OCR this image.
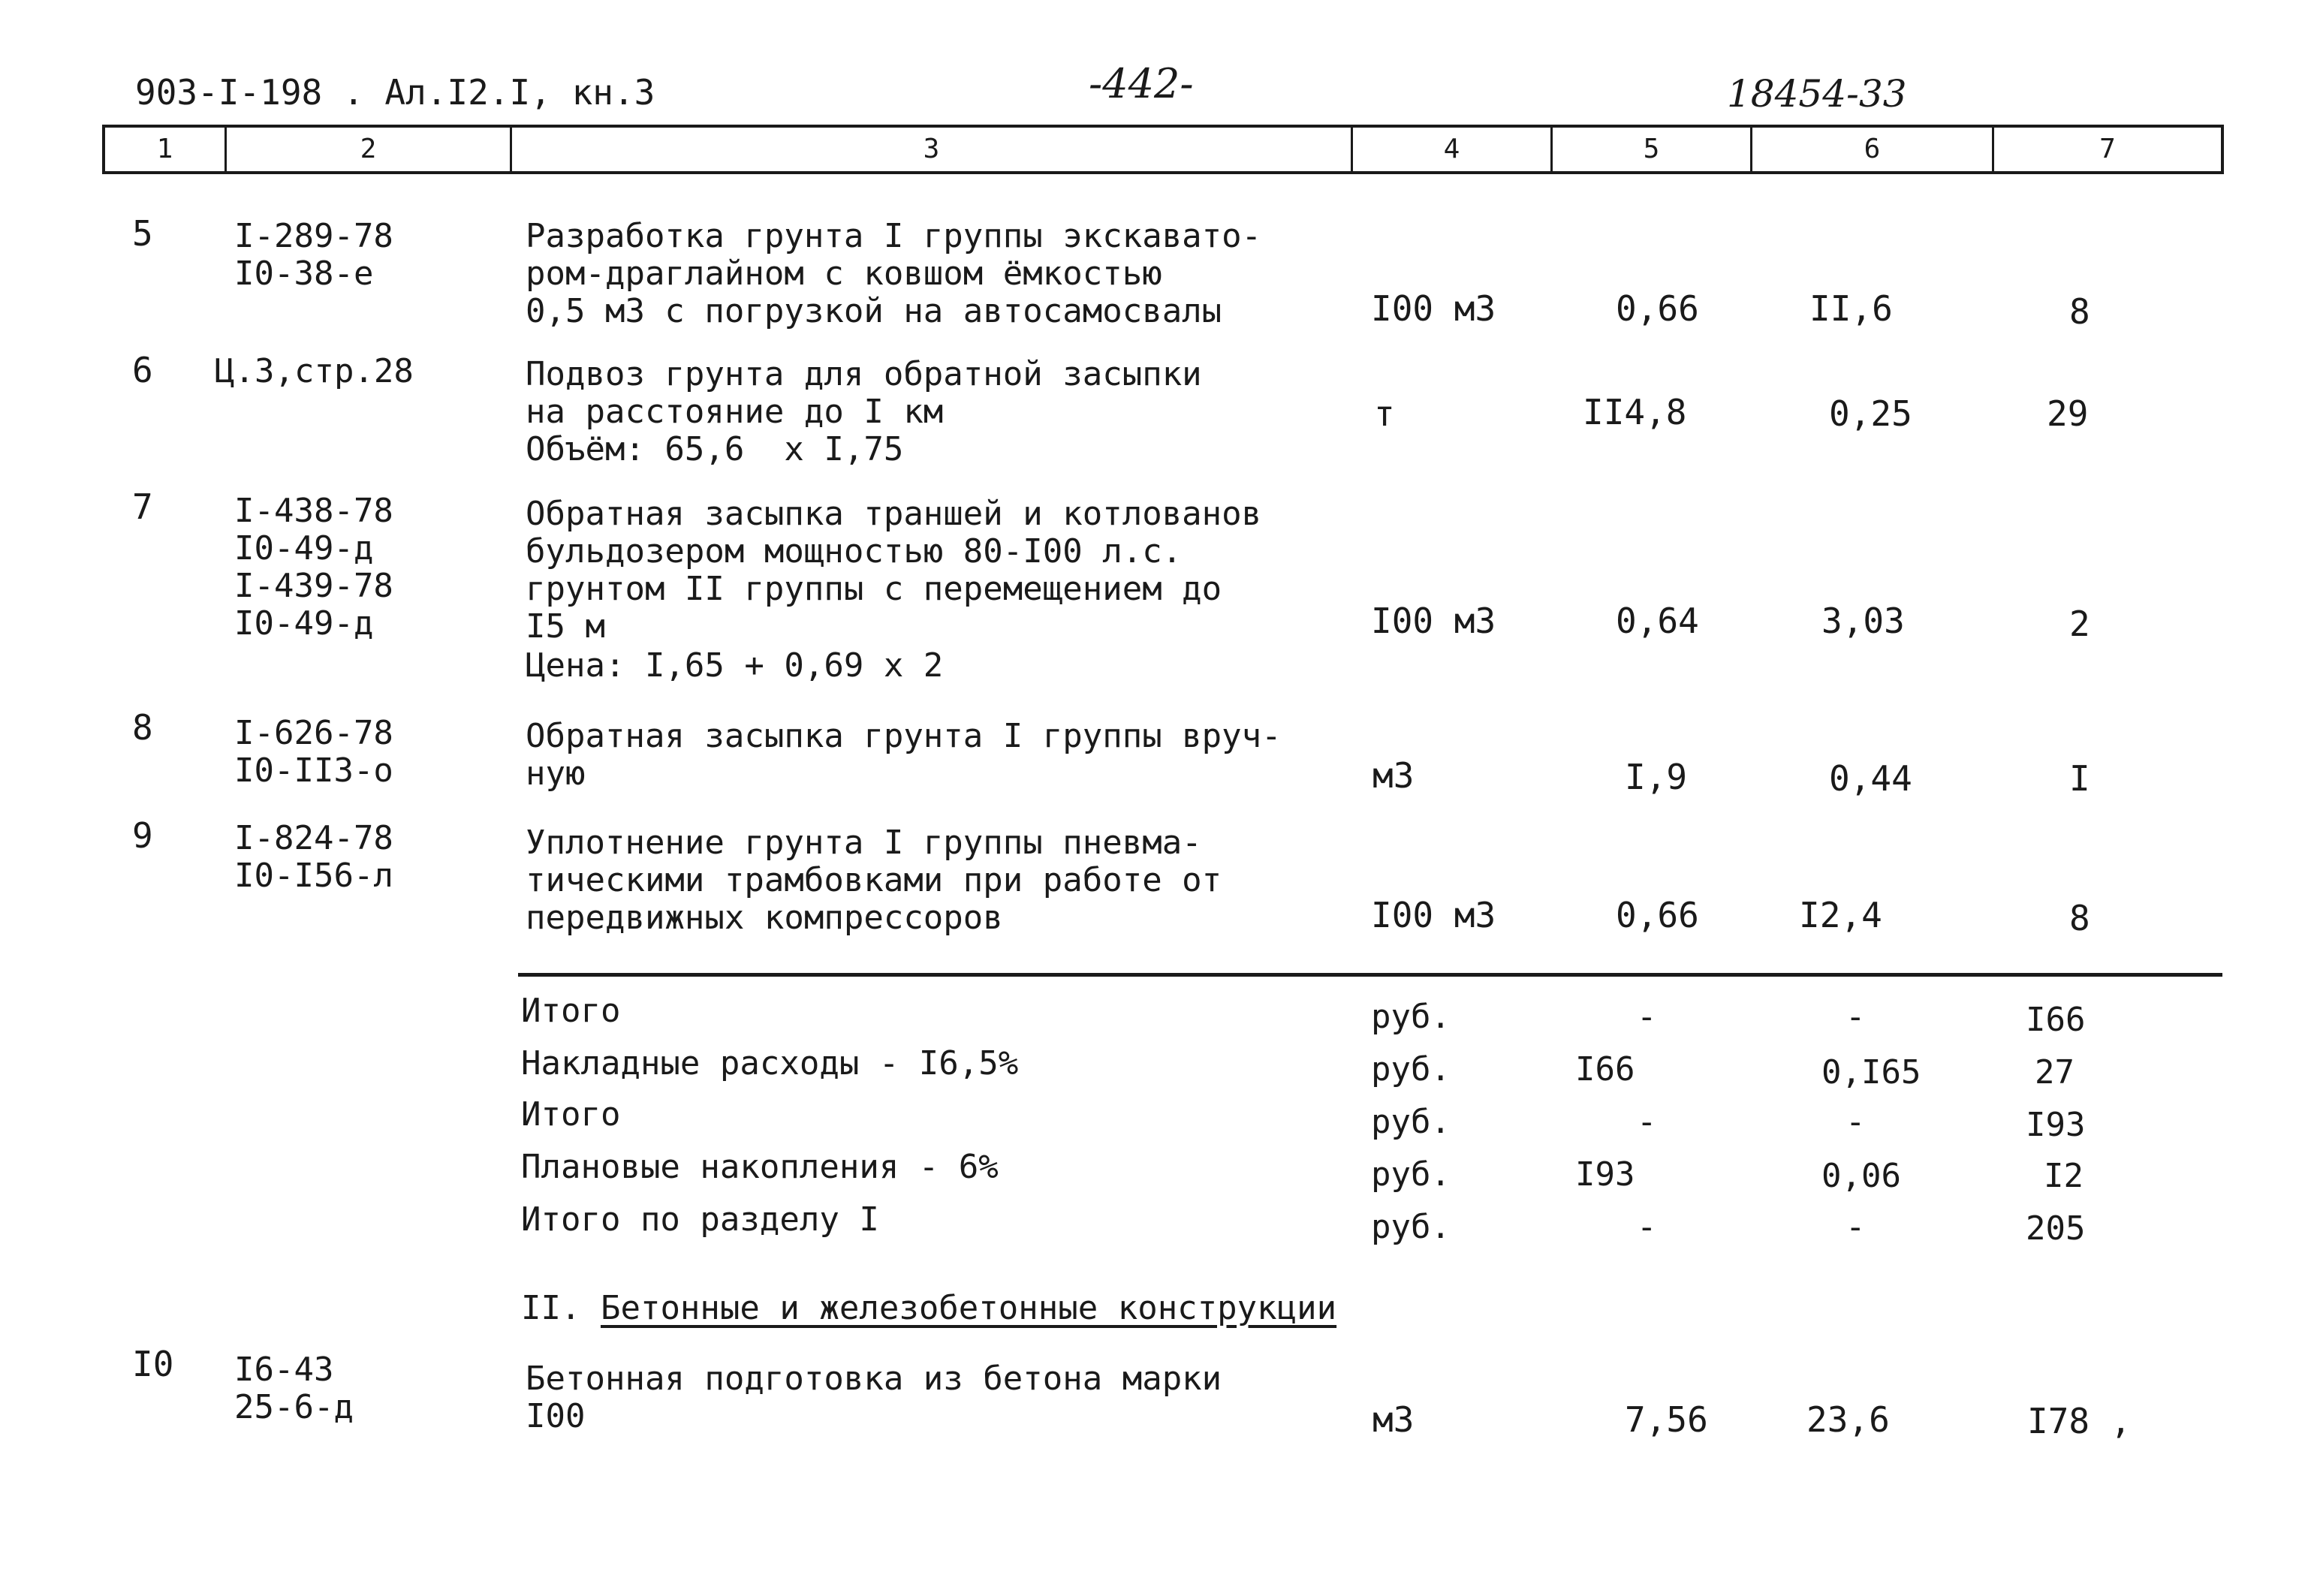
903-I-198 . Ал.I2.I, кн.3	-442-	18454-33
1	2	3	4	5	6	7
5 I-289-78
I0-38-е
Разработка грунта I группы экскавато-
ром-драглайном с ковшом ёмкостью
0,5 м3 с погрузкой на автосамосвалы	I00 м3	0,66	II,6	8
6 Ц.3,стр.28	Подвоз грунта для обратной засыпки
на расстояние до I км
Объём: 65,6  х I,75
т	II4,8	0,25	29
7 I-438-78
I0-49-д
I-439-78
I0-49-д
Обратная засыпка траншей и котлованов
бульдозером мощностью 80-I00 л.с.
грунтом II группы с перемещением до
I5 м
Цена: I,65 + 0,69 х 2
I00 м3	0,64	3,03	2
8 I-626-78
I0-II3-о
Обратная засыпка грунта I группы вруч-
ную	м3	I,9	0,44	I
9 I-824-78
I0-I56-л
Уплотнение грунта I группы пневма-
тическими трамбовками при работе от
передвижных компрессоров	I00 м3	0,66	I2,4	8
Итого	руб.	-	-	I66
Накладные расходы - I6,5%	руб.	I66	0,I65	27
Итого	руб.	-	-	I93
Плановые накопления - 6%	руб.	I93	0,06	I2
Итого по разделу I	руб.	-	-	205
II. Бетонные и железобетонные конструкции
I0 I6-43
25-6-д
Бетонная подготовка из бетона марки
I00	м3	7,56	23,6	I78 ,
